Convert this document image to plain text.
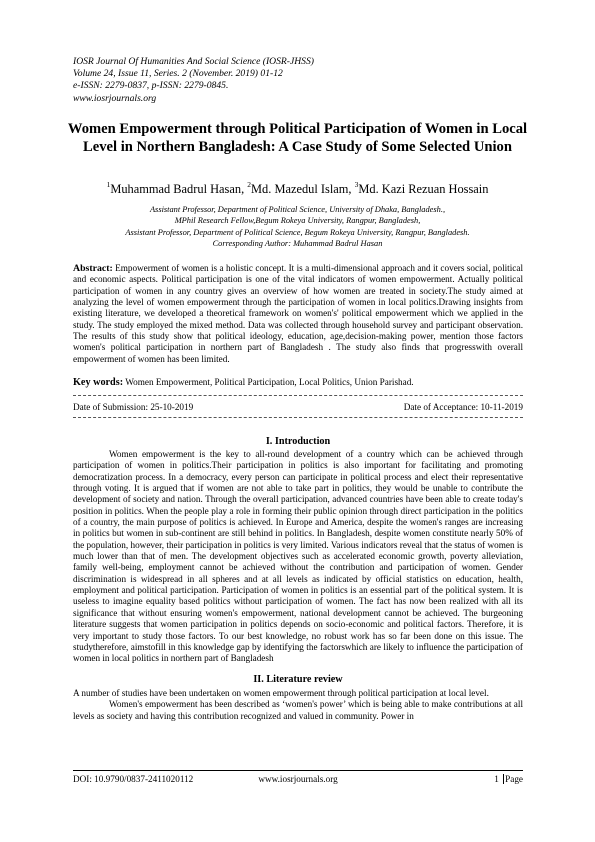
IOSR Journal Of Humanities And Social Science (IOSR-JHSS)
Volume 24, Issue 11, Series. 2 (November. 2019) 01-12
e-ISSN: 2279-0837, p-ISSN: 2279-0845.
www.iosrjournals.org
Women Empowerment through Political Participation of Women in Local Level in Northern Bangladesh: A Case Study of Some Selected Union
$^1$Muhammad Badrul Hasan, $^2$Md. Mazedul Islam, $^3$Md. Kazi Rezuan Hossain
Assistant Professor, Department of Political Science, University of Dhaka, Bangladesh.,
MPhil Research Fellow,Begum Rokeya University, Rangpur, Bangladesh,
Assistant Professor, Department of Political Science, Begum Rokeya University, Rangpur, Bangladesh.
Corresponding Author: Muhammad Badrul Hasan
Abstract: Empowerment of women is a holistic concept. It is a multi-dimensional approach and it covers social, political and economic aspects. Political participation is one of the vital indicators of women empowerment. Actually political participation of women in any country gives an overview of how women are treated in society.The study aimed at analyzing the level of women empowerment through the participation of women in local politics.Drawing insights from existing literature, we developed a theoretical framework on women's' political empowerment which we applied in the study. The study employed the mixed method. Data was collected through household survey and participant observation. The results of this study show that political ideology, education, age,decision-making power, mention those factors women's political participation in northern part of Bangladesh . The study also finds that progresswith overall empowerment of women has been limited.
Key words: Women Empowerment, Political Participation, Local Politics, Union Parishad.
Date of Submission: 25-10-2019	Date of Acceptance: 10-11-2019
I. Introduction

Women empowerment is the key to all-round development of a country which can be achieved through participation of women in politics.Their participation in politics is also important for facilitating and promoting democratization process. In a democracy, every person can participate in political process and elect their representative through voting. It is argued that if women are not able to take part in politics, they would be unable to contribute the development of society and nation. Through the overall participation, advanced countries have been able to create today's position in politics. When the people play a role in forming their public opinion through direct participation in the politics of a country, the main purpose of politics is achieved. In Europe and America, despite the women's ranges are increasing in politics but women in sub-continent are still behind in politics. In Bangladesh, despite women constitute nearly 50% of the population, however, their participation in politics is very limited. Various indicators reveal that the status of women is much lower than that of men. The development objectives such as accelerated economic growth, poverty alleviation, family well-being, employment cannot be achieved without the contribution and participation of women. Gender discrimination is widespread in all spheres and at all levels as indicated by official statistics on education, health, employment and political participation. Participation of women in politics is an essential part of the political system. It is useless to imagine equality based politics without participation of women. The fact has now been realized with all its significance that without ensuring women's empowerment, national development cannot be achieved. The burgeoning literature suggests that women participation in politics depends on socio-economic and political factors. Therefore, it is very important to study those factors. To our best knowledge, no robust work has so far been done on this issue. The studytherefore, aimstofill in this knowledge gap by identifying the factorswhich are likely to influence the participation of women in local politics in northern part of Bangladesh

II. Literature review

A number of studies have been undertaken on women empowerment through political participation at local level.

Women's empowerment has been described as ‘women's power’ which is being able to make contributions at all levels as society and having this contribution recognized and valued in community. Power in

DOI: 10.9790/0837-2411020112	www.iosrjournals.org	1 Page
